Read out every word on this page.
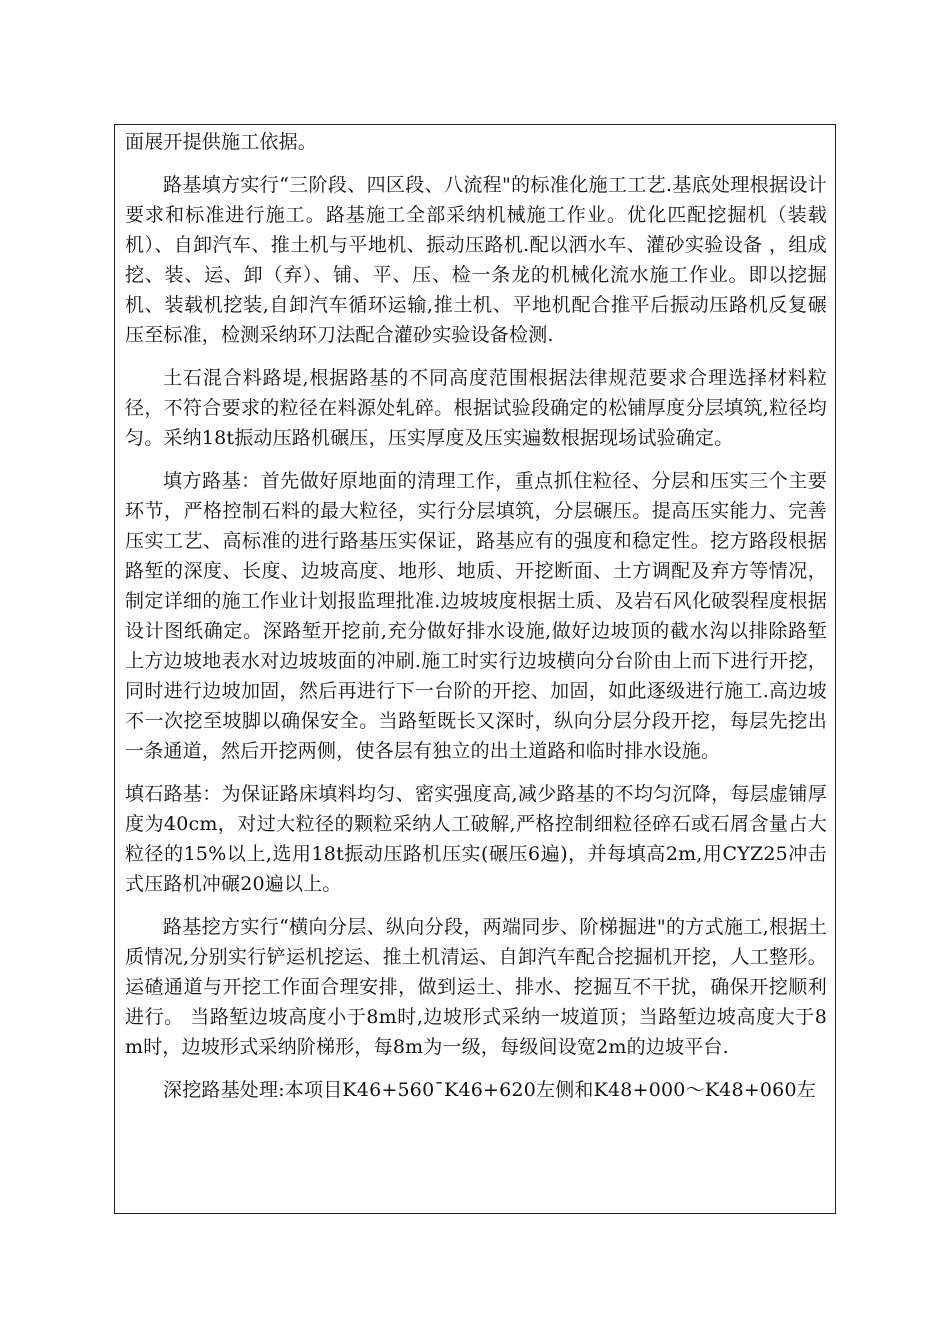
面展开提供施工依据。

路基填方实行“三阶段、四区段、八流程"的标准化施工工艺.基底处理根据设计要求和标准进行施工。路基施工全部采纳机械施工作业。优化匹配挖掘机（装载机）、自卸汽车、推土机与平地机、振动压路机.配以洒水车、灌砂实验设备 ，组成挖、装、运、卸（弃）、铺、平、压、检一条龙的机械化流水施工作业。即以挖掘机、装载机挖装,自卸汽车循环运输,推土机、平地机配合推平后振动压路机反复碾压至标准，检测采纳环刀法配合灌砂实验设备检测.

土石混合料路堤,根据路基的不同高度范围根据法律规范要求合理选择材料粒径，不符合要求的粒径在料源处轧碎。根据试验段确定的松铺厚度分层填筑,粒径均匀。采纳18t振动压路机碾压，压实厚度及压实遍数根据现场试验确定。

填方路基：首先做好原地面的清理工作，重点抓住粒径、分层和压实三个主要环节，严格控制石料的最大粒径，实行分层填筑，分层碾压。提高压实能力、完善压实工艺、高标准的进行路基压实保证，路基应有的强度和稳定性。挖方路段根据路堑的深度、长度、边坡高度、地形、地质、开挖断面、土方调配及弃方等情况，制定详细的施工作业计划报监理批准.边坡坡度根据土质、及岩石风化破裂程度根据设计图纸确定。深路堑开挖前,充分做好排水设施,做好边坡顶的截水沟以排除路堑上方边坡地表水对边坡坡面的冲刷.施工时实行边坡横向分台阶由上而下进行开挖，同时进行边坡加固，然后再进行下一台阶的开挖、加固，如此逐级进行施工.高边坡不一次挖至坡脚以确保安全。当路堑既长又深时，纵向分层分段开挖，每层先挖出一条通道，然后开挖两侧，使各层有独立的出土道路和临时排水设施。

填石路基：为保证路床填料均匀、密实强度高,减少路基的不均匀沉降，每层虚铺厚度为40cm，对过大粒径的颗粒采纳人工破解,严格控制细粒径碎石或石屑含量占大粒径的15%以上,选用18t振动压路机压实(碾压6遍)，并每填高2m,用CYZ25冲击式压路机冲碾20遍以上。

路基挖方实行“横向分层、纵向分段，两端同步、阶梯掘进"的方式施工,根据土质情况,分别实行铲运机挖运、推土机清运、自卸汽车配合挖掘机开挖，人工整形。运碴通道与开挖工作面合理安排，做到运土、排水、挖掘互不干扰，确保开挖顺利进行。 当路堑边坡高度小于8m时,边坡形式采纳一坡道顶；当路堑边坡高度大于8m时，边坡形式采纳阶梯形，每8m为一级，每级间设宽2m的边坡平台.

深挖路基处理:本项目K46+560¯K46+620左侧和K48+000～K48+060左
